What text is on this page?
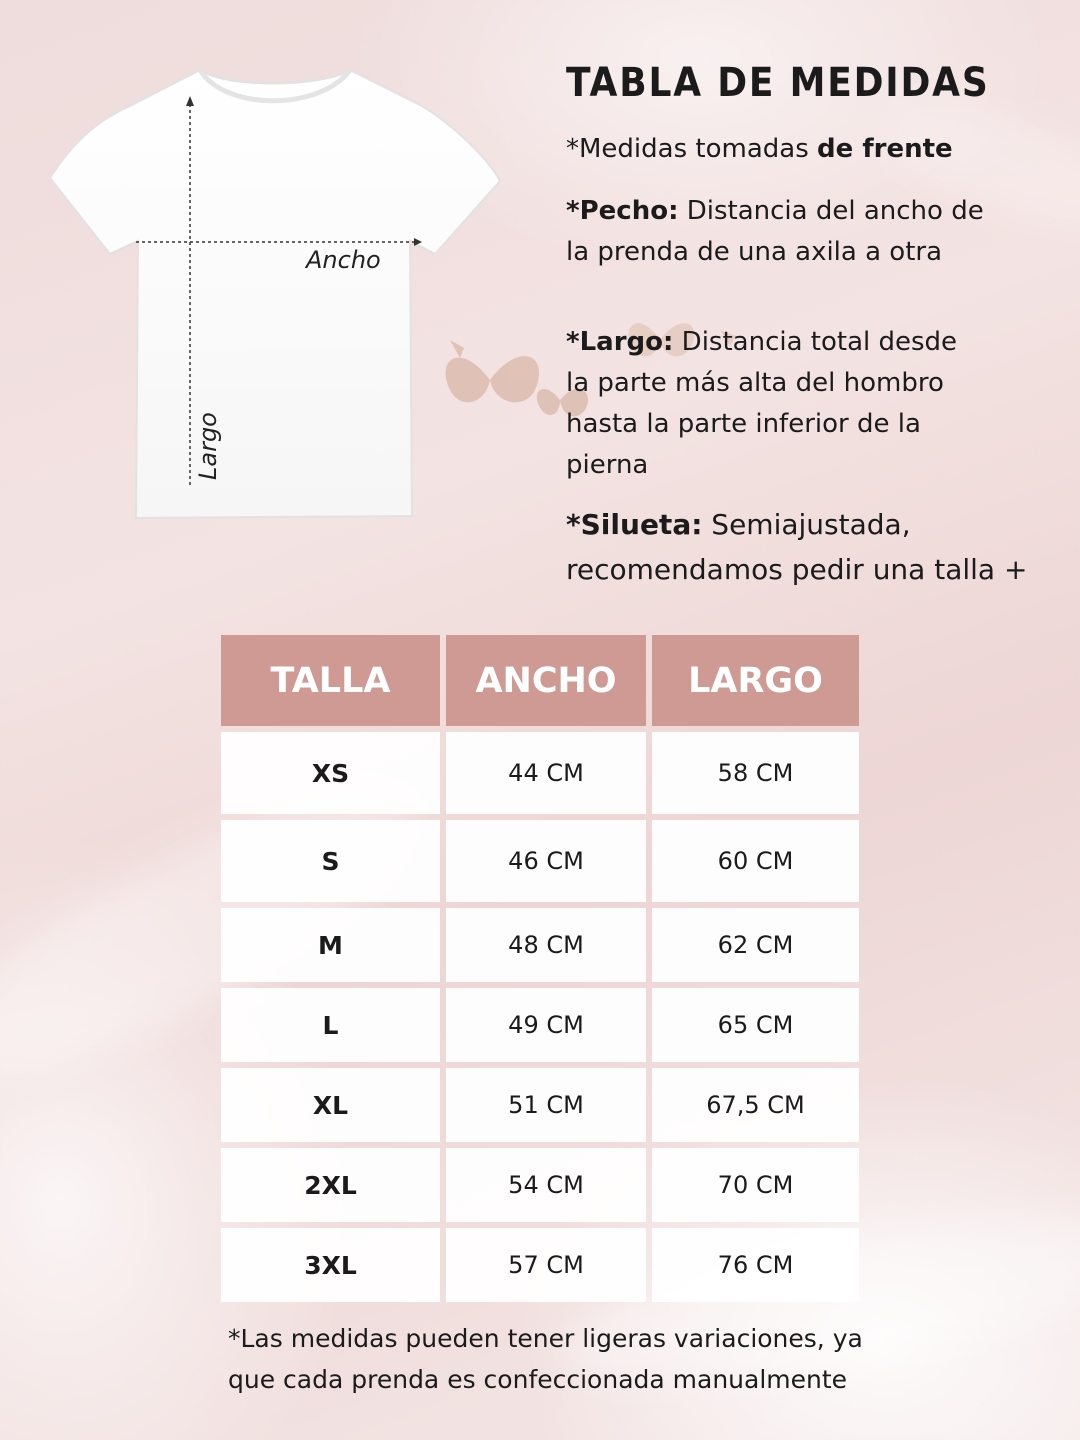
Ancho
Largo
TABLA DE MEDIDAS

*Medidas tomadas de frente

*Pecho: Distancia del ancho de la prenda de una axila a otra

*Largo: Distancia total desde la parte más alta del hombro hasta la parte inferior de la pierna

*Silueta: Semiajustada, recomendamos pedir una talla +

TALLA	ANCHO	LARGO
XS	44 CM	58 CM
S	46 CM	60 CM
M	48 CM	62 CM
L	49 CM	65 CM
XL	51 CM	67,5 CM
2XL	54 CM	70 CM
3XL	57 CM	76 CM

*Las medidas pueden tener ligeras variaciones, ya que cada prenda es confeccionada manualmente
